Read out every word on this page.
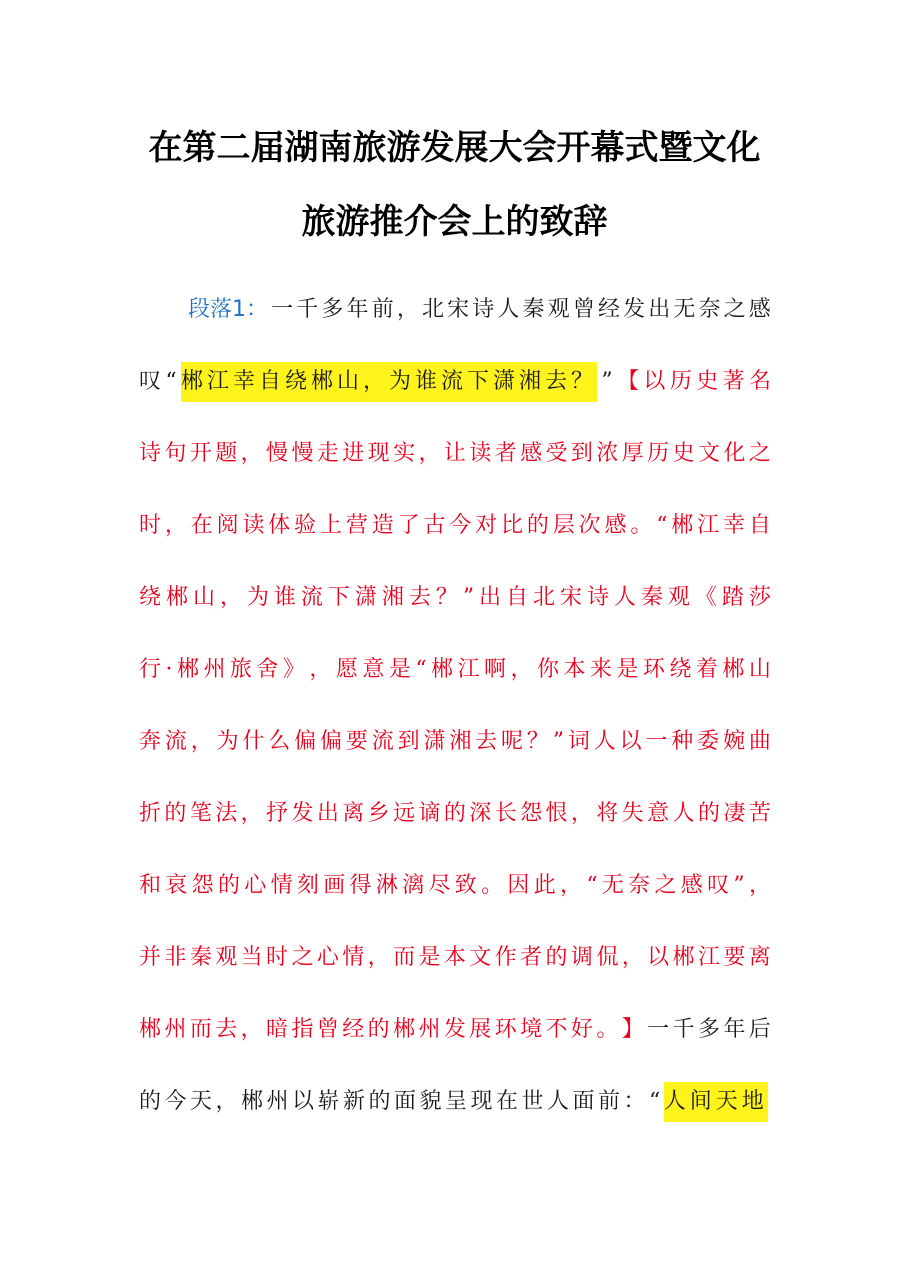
在第二届湖南旅游发展大会开幕式暨文化
旅游推介会上的致辞
段落1： 一 千 多 年 前 ， 北 宋 诗 人 秦 观 曾 经 发 出 无 奈 之 感
叹 “ 郴江幸自绕郴山，为谁流下潇湘去？ ” 【 以 历 史 著 名
诗 句 开 题 ， 慢 慢 走 进 现 实 ， 让 读 者 感 受 到 浓 厚 历 史 文 化 之
时 ， 在 阅 读 体 验 上 营 造 了 古 今 对 比 的 层 次 感 。 “ 郴 江 幸 自
绕 郴 山 ， 为 谁 流 下 潇 湘 去 ？ ” 出 自 北 宋 诗 人 秦 观 《 踏 莎
行 · 郴 州 旅 舍 》 ， 愿 意 是 “ 郴 江 啊 ， 你 本 来 是 环 绕 着 郴 山
奔 流 ， 为 什 么 偏 偏 要 流 到 潇 湘 去 呢 ？ ” 词 人 以 一 种 委 婉 曲
折 的 笔 法 ， 抒 发 出 离 乡 远 谪 的 深 长 怨 恨 ， 将 失 意 人 的 凄 苦
和 哀 怨 的 心 情 刻 画 得 淋 漓 尽 致 。 因 此 ， “ 无 奈 之 感 叹 ” ，
并 非 秦 观 当 时 之 心 情 ， 而 是 本 文 作 者 的 调 侃 ， 以 郴 江 要 离
郴 州 而 去 ， 暗 指 曾 经 的 郴 州 发 展 环 境 不 好 。 】 一 千 多 年 后
的今天，郴州以崭新的面貌呈现在世人面前：“ 人间天地
